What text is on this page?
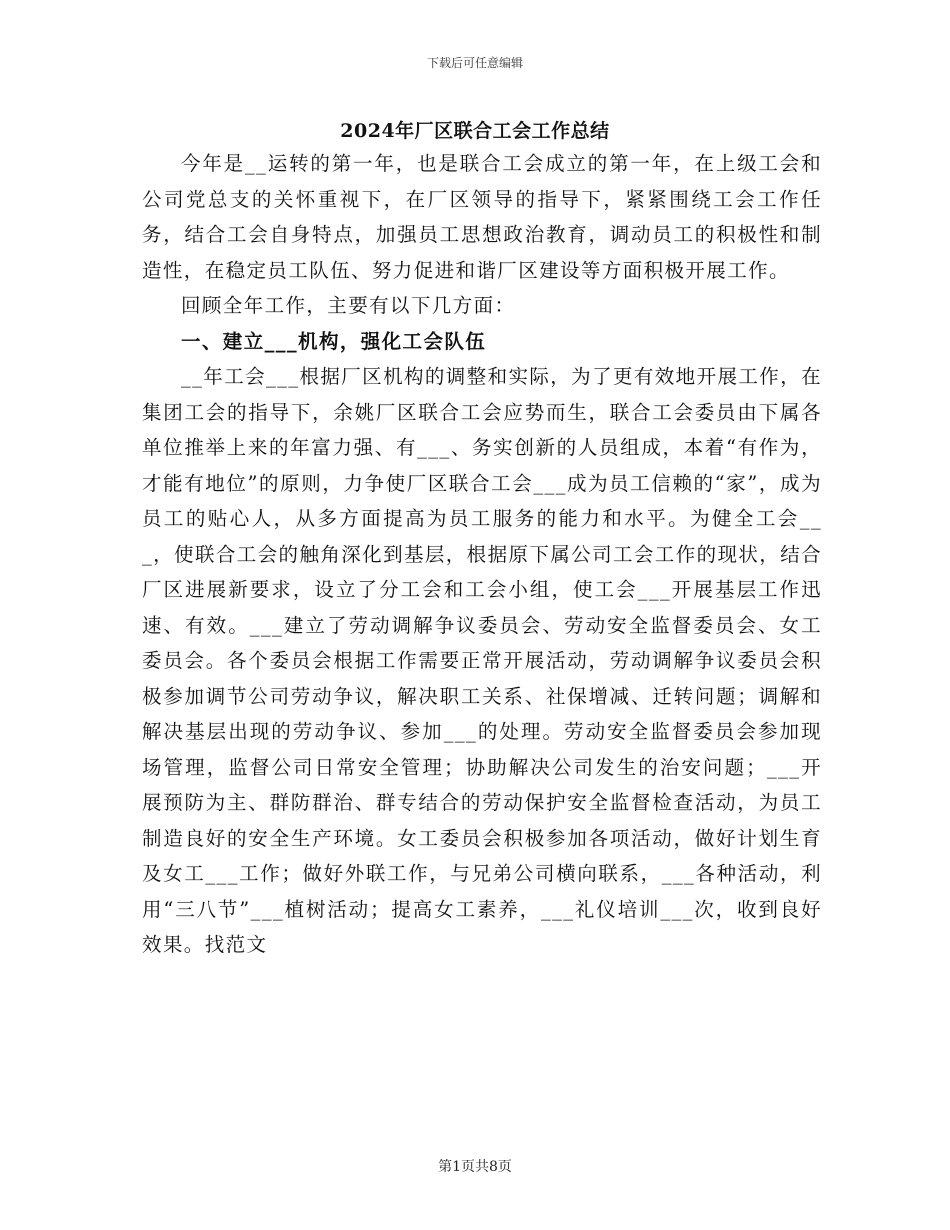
下载后可任意编辑
2024年厂区联合工会工作总结

今年是__运转的第一年，也是联合工会成立的第一年，在上级工会和公司党总支的关怀重视下，在厂区领导的指导下，紧紧围绕工会工作任务，结合工会自身特点，加强员工思想政治教育，调动员工的积极性和制造性，在稳定员工队伍、努力促进和谐厂区建设等方面积极开展工作。

回顾全年工作，主要有以下几方面：

一、建立___机构，强化工会队伍

__年工会___根据厂区机构的调整和实际，为了更有效地开展工作，在集团工会的指导下，余姚厂区联合工会应势而生，联合工会委员由下属各单位推举上来的年富力强、有___、务实创新的人员组成，本着“有作为，才能有地位”的原则，力争使厂区联合工会___成为员工信赖的“家”，成为员工的贴心人，从多方面提高为员工服务的能力和水平。为健全工会___，使联合工会的触角深化到基层，根据原下属公司工会工作的现状，结合厂区进展新要求，设立了分工会和工会小组，使工会___开展基层工作迅速、有效。___建立了劳动调解争议委员会、劳动安全监督委员会、女工委员会。各个委员会根据工作需要正常开展活动，劳动调解争议委员会积极参加调节公司劳动争议，解决职工关系、社保增减、迁转问题；调解和解决基层出现的劳动争议、参加___的处理。劳动安全监督委员会参加现场管理，监督公司日常安全管理；协助解决公司发生的治安问题；___开展预防为主、群防群治、群专结合的劳动保护安全监督检查活动，为员工制造良好的安全生产环境。女工委员会积极参加各项活动，做好计划生育及女工___工作；做好外联工作，与兄弟公司横向联系，___各种活动，利用“三八节”___植树活动；提高女工素养，___礼仪培训___次，收到良好效果。找范文

第1页共8页
